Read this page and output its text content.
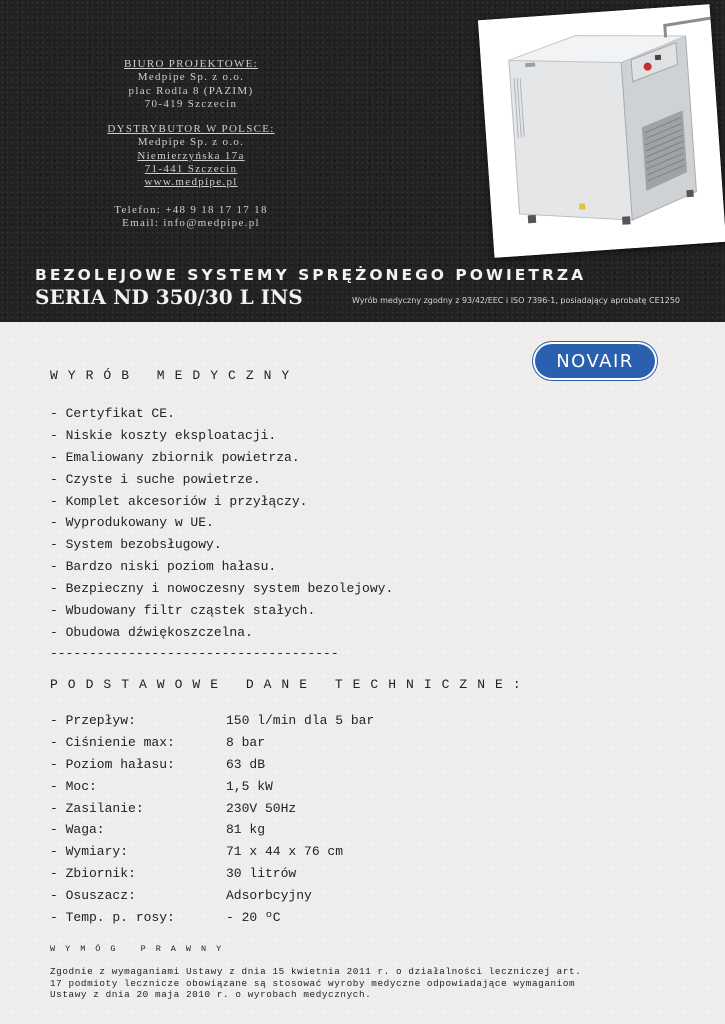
BIURO PROJEKTOWE:
Medpipe Sp. z o.o.
plac Rodla 8 (PAZIM)
70-419 Szczecin
DYSTRYBUTOR W POLSCE:
Medpipe Sp. z o.o.
Niemierzyńska 17a
71-441 Szczecin
www.medpipe.pl
Telefon: +48 9 18 17 17 18
Email: info@medpipe.pl
BEZOLEJOWE SYSTEMY SPRĘŻONEGO POWIETRZA
SERIA ND 350/30 L INS	Wyrób medyczny zgodny z 93/42/EEC i ISO 7396-1, posiadający aprobatę CE1250
NOVAIR
WYRÓB MEDYCZNY
- Certyfikat CE.
- Niskie koszty eksploatacji.
- Emaliowany zbiornik powietrza.
- Czyste i suche powietrze.
- Komplet akcesoriów i przyłączy.
- Wyprodukowany w UE.
- System bezobsługowy.
- Bardzo niski poziom hałasu.
- Bezpieczny i nowoczesny system bezolejowy.
- Wbudowany filtr cząstek stałych.
- Obudowa dźwiękoszczelna.
-------------------------------------
PODSTAWOWE DANE TECHNICZNE:
- Przepływ:	150 l/min dla 5 bar
- Ciśnienie max:	8 bar
- Poziom hałasu:	63 dB
- Moc:	1,5 kW
- Zasilanie:	230V 50Hz
- Waga:	81 kg
- Wymiary:	71 x 44 x 76 cm
- Zbiornik:	30 litrów
- Osuszacz:	Adsorbcyjny
- Temp. p. rosy:	- 20 ºC
WYMÓG PRAWNY
Zgodnie z wymaganiami Ustawy z dnia 15 kwietnia 2011 r. o działalności leczniczej art.
17 podmioty lecznicze obowiązane są stosować wyroby medyczne odpowiadające wymaganiom
Ustawy z dnia 20 maja 2010 r. o wyrobach medycznych.
